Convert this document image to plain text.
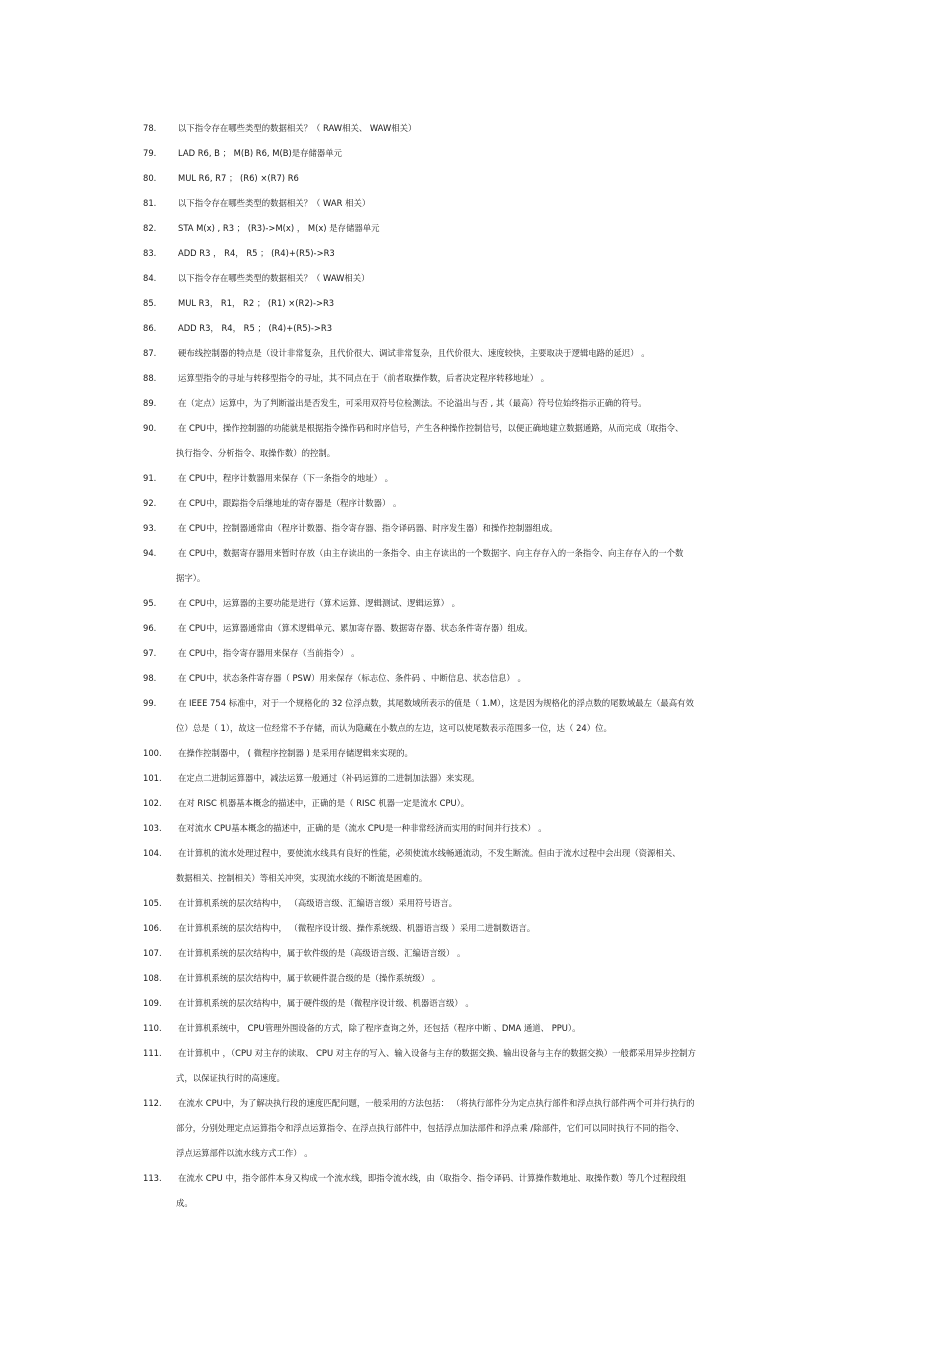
78.	以下指令存在哪些类型的数据相关？（ RAW相关、 WAW相关）
79.	LAD R6, B ； M(B) R6, M(B)是存储器单元
80.	MUL R6, R7 ； (R6) ×(R7) R6
81.	以下指令存在哪些类型的数据相关？（ WAR 相关）
82.	STA M(x) , R3 ； (R3)->M(x) ， M(x) 是存储器单元
83.	ADD R3 ， R4， R5 ； (R4)+(R5)->R3
84.	以下指令存在哪些类型的数据相关？（ WAW相关）
85.	MUL R3， R1， R2 ； (R1) ×(R2)->R3
86.	ADD R3， R4， R5 ； (R4)+(R5)->R3
87.	硬布线控制器的特点是（设计非常复杂，且代价很大、调试非常复杂，且代价很大、速度较快，主要取决于逻辑电路的延迟） 。
88.	运算型指令的寻址与转移型指令的寻址，其不同点在于（前者取操作数，后者决定程序转移地址） 。
89.	在（定点）运算中，为了判断溢出是否发生，可采用双符号位检测法。不论溢出与否 , 其（最高）符号位始终指示正确的符号。
90.	在 CPU中，操作控制器的功能就是根据指令操作码和时序信号，产生各种操作控制信号，以便正确地建立数据通路，从而完成（取指令、
执行指令、分析指令、取操作数）的控制。
91.	在 CPU中，程序计数器用来保存（下一条指令的地址） 。
92.	在 CPU中，跟踪指令后继地址的寄存器是（程序计数器） 。
93.	在 CPU中，控制器通常由（程序计数器、指令寄存器、指令译码器、时序发生器）和操作控制器组成。
94.	在 CPU中，数据寄存器用来暂时存放（由主存读出的一条指令、由主存读出的一个数据字、向主存存入的一条指令、向主存存入的一个数
据字）。
95.	在 CPU中，运算器的主要功能是进行（算术运算、逻辑测试、逻辑运算） 。
96.	在 CPU中，运算器通常由（算术逻辑单元、累加寄存器、数据寄存器、状态条件寄存器）组成。
97.	在 CPU中，指令寄存器用来保存（当前指令） 。
98.	在 CPU中，状态条件寄存器（ PSW）用来保存（标志位、条件码 、中断信息、状态信息） 。
99.	在 IEEE 754 标准中，对于一个规格化的 32 位浮点数，其尾数域所表示的值是（ 1.M），这是因为规格化的浮点数的尾数域最左（最高有效
位）总是（ 1），故这一位经常不予存储，而认为隐藏在小数点的左边，这可以使尾数表示范围多一位，达（ 24）位。
100. 在操作控制器中， ( 微程序控制器 ) 是采用存储逻辑来实现的。
101. 在定点二进制运算器中，减法运算一般通过（补码运算的二进制加法器）来实现。
102. 在对 RISC 机器基本概念的描述中，正确的是（ RISC 机器一定是流水 CPU）。
103. 在对流水 CPU基本概念的描述中，正确的是（流水 CPU是一种非常经济而实用的时间并行技术） 。
104. 在计算机的流水处理过程中，要使流水线具有良好的性能，必须使流水线畅通流动，不发生断流。但由于流水过程中会出现（资源相关、
数据相关、控制相关）等相关冲突，实现流水线的不断流是困难的。
105. 在计算机系统的层次结构中， （高级语言级、汇编语言级）采用符号语言。
106. 在计算机系统的层次结构中， （微程序设计级、操作系统级、机器语言级 ）采用二进制数语言。
107. 在计算机系统的层次结构中，属于软件级的是（高级语言级、汇编语言级） 。
108. 在计算机系统的层次结构中，属于软硬件混合级的是（操作系统级） 。
109. 在计算机系统的层次结构中，属于硬件级的是（微程序设计级、机器语言级） 。
110. 在计算机系统中， CPU管理外围设备的方式，除了程序查询之外，还包括（程序中断 、DMA 通道、 PPU）。
111. 在计算机中 ，（CPU 对主存的读取、 CPU 对主存的写入、输入设备与主存的数据交换、输出设备与主存的数据交换）一般都采用异步控制方
式，以保证执行时的高速度。
112. 在流水 CPU中，为了解决执行段的速度匹配问题，一般采用的方法包括： （将执行部件分为定点执行部件和浮点执行部件两个可并行执行的
部分，分别处理定点运算指令和浮点运算指令、在浮点执行部件中，包括浮点加法部件和浮点乘 /除部件，它们可以同时执行不同的指令、
浮点运算部件以流水线方式工作） 。
113. 在流水 CPU 中，指令部件本身又构成一个流水线，即指令流水线，由（取指令、指令译码、计算操作数地址、取操作数）等几个过程段组
成。
